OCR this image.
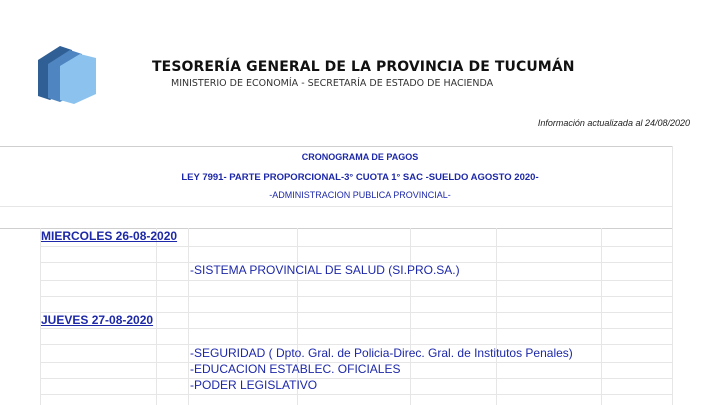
TESORERÍA GENERAL DE LA PROVINCIA DE TUCUMÁN
MINISTERIO DE ECONOMÍA - SECRETARÍA DE ESTADO DE HACIENDA
Información actualizada al 24/08/2020
CRONOGRAMA DE PAGOS
LEY 7991- PARTE PROPORCIONAL-3° CUOTA 1° SAC -SUELDO AGOSTO 2020-
-ADMINISTRACION PUBLICA PROVINCIAL-
MIERCOLES 26-08-2020
-SISTEMA PROVINCIAL DE SALUD (SI.PRO.SA.)
JUEVES 27-08-2020
-SEGURIDAD ( Dpto. Gral. de Policia-Direc. Gral. de Institutos Penales)
-EDUCACION ESTABLEC. OFICIALES
-PODER LEGISLATIVO
